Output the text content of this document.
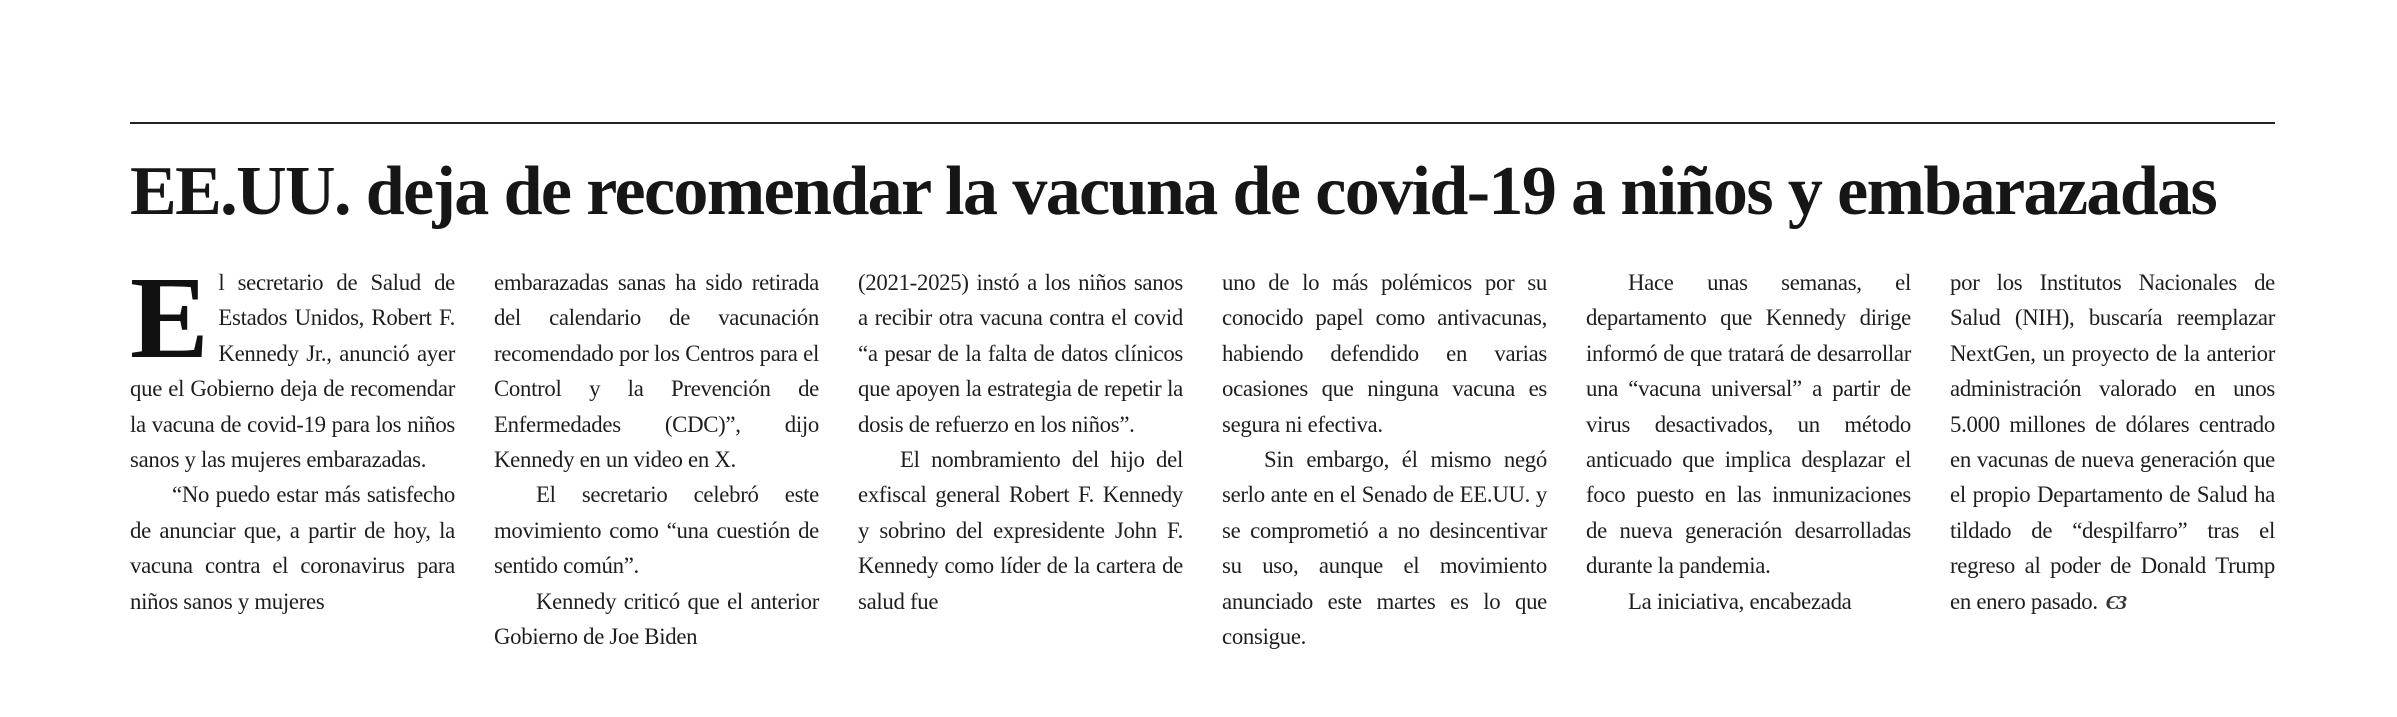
EE.UU. deja de recomendar la vacuna de covid-19 a niños y embarazadas

El secretario de Salud de Estados Unidos, Robert F. Kennedy Jr., anunció ayer que el Gobierno deja de recomendar la vacuna de covid-19 para los niños sanos y las mujeres embarazadas.

“No puedo estar más satisfecho de anunciar que, a partir de hoy, la vacuna contra el coronavirus para niños sanos y mujeres

embarazadas sanas ha sido retirada del calendario de vacunación recomendado por los Centros para el Control y la Prevención de Enfermedades (CDC)”, dijo Kennedy en un video en X.

El secretario celebró este movimiento como “una cuestión de sentido común”.

Kennedy criticó que el anterior Gobierno de Joe Biden

(2021-2025) instó a los niños sanos a recibir otra vacuna contra el covid “a pesar de la falta de datos clínicos que apoyen la estrategia de repetir la dosis de refuerzo en los niños”.

El nombramiento del hijo del exfiscal general Robert F. Kennedy y sobrino del expresidente John F. Kennedy como líder de la cartera de salud fue

uno de lo más polémicos por su conocido papel como antivacunas, habiendo defendido en varias ocasiones que ninguna vacuna es segura ni efectiva.

Sin embargo, él mismo negó serlo ante en el Senado de EE.UU. y se comprometió a no desincentivar su uso, aunque el movimiento anunciado este martes es lo que consigue.

Hace unas semanas, el departamento que Kennedy dirige informó de que tratará de desarrollar una “vacuna universal” a partir de virus desactivados, un método anticuado que implica desplazar el foco puesto en las inmunizaciones de nueva generación desarrolladas durante la pandemia.

La iniciativa, encabezada

por los Institutos Nacionales de Salud (NIH), buscaría reemplazar NextGen, un proyecto de la anterior administración valorado en unos 5.000 millones de dólares centrado en vacunas de nueva generación que el propio Departamento de Salud ha tildado de “despilfarro” tras el regreso al poder de Donald Trump en enero pasado. ЄЗ
